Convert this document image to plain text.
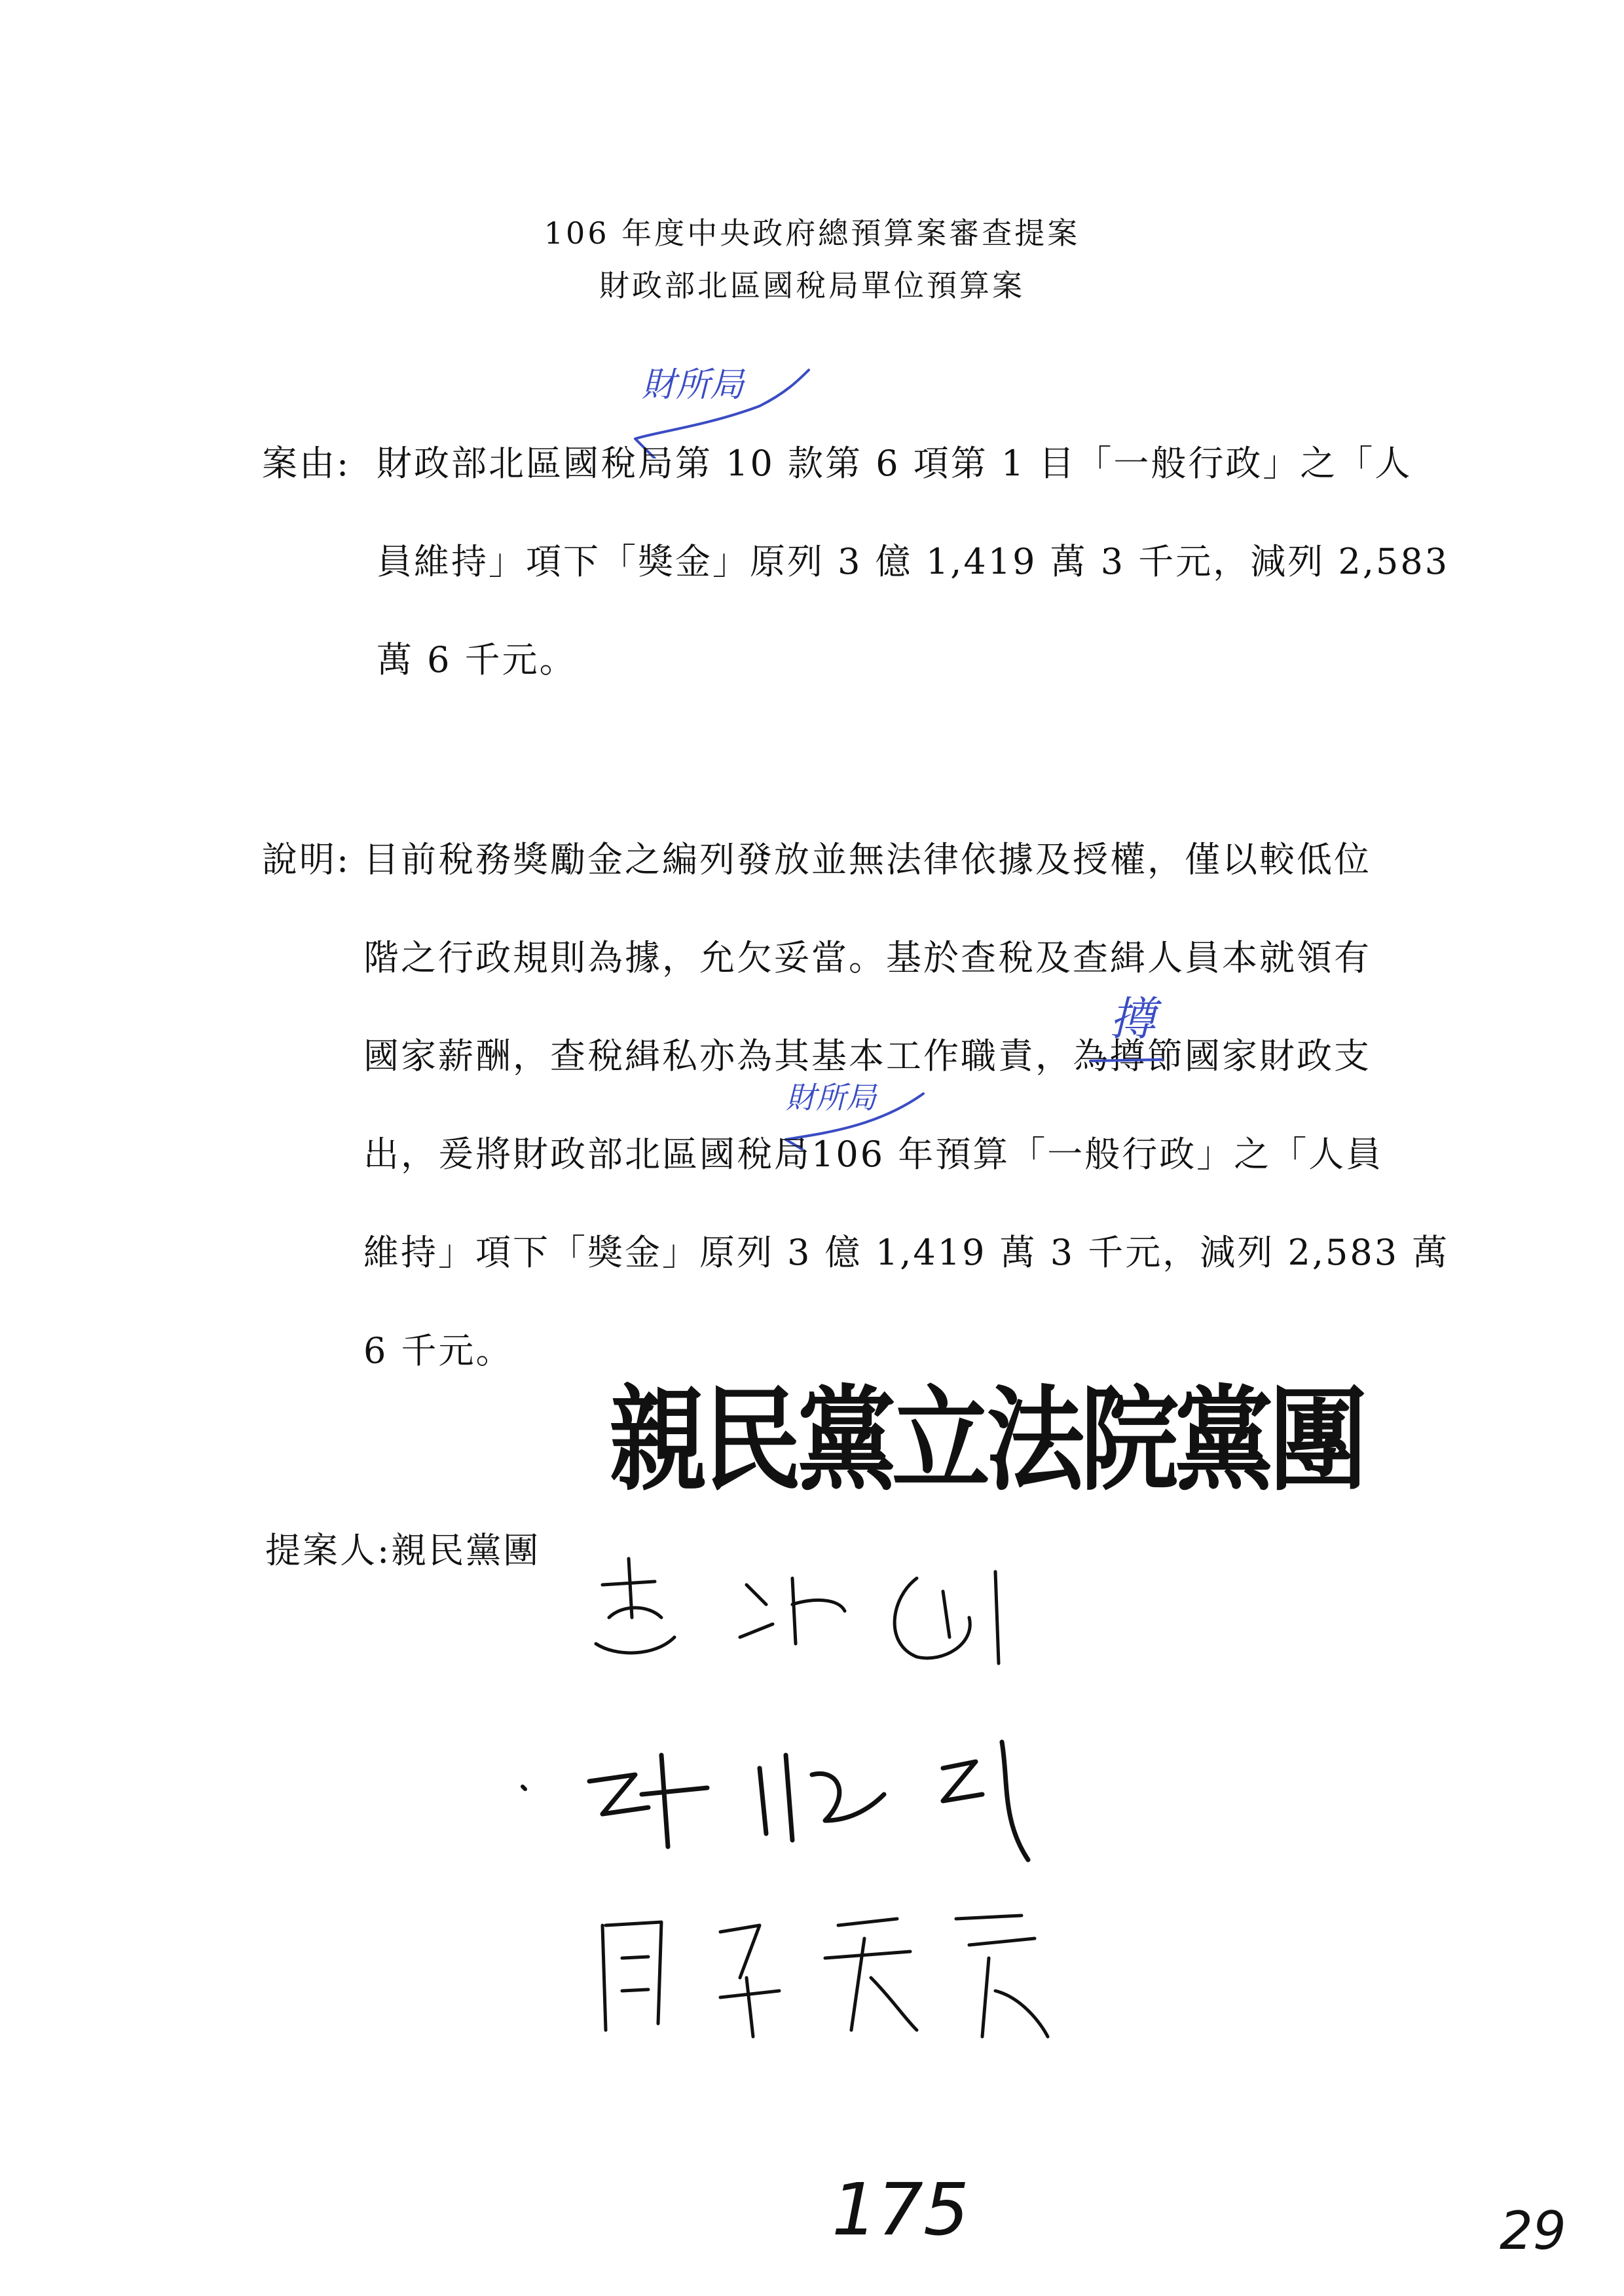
106 年度中央政府總預算案審查提案
財政部北區國稅局單位預算案
財所局
案由: 財政部北區國稅局第 10 款第 6 項第 1 目「一般行政」之「人
員維持」項下「獎金」原列 3 億 1,419 萬 3 千元，減列 2,583
萬 6 千元。
說明: 目前稅務獎勵金之編列發放並無法律依據及授權，僅以較低位
階之行政規則為據，允欠妥當。基於查稅及查緝人員本就領有
國家薪酬，查稅緝私亦為其基本工作職責，為撙節國家財政支
撙
財所局
出，爰將財政部北區國稅局106 年預算「一般行政」之「人員
維持」項下「獎金」原列 3 億 1,419 萬 3 千元，減列 2,583 萬
6 千元。
親民黨立法院黨團
提案人:親民黨團
175	29
